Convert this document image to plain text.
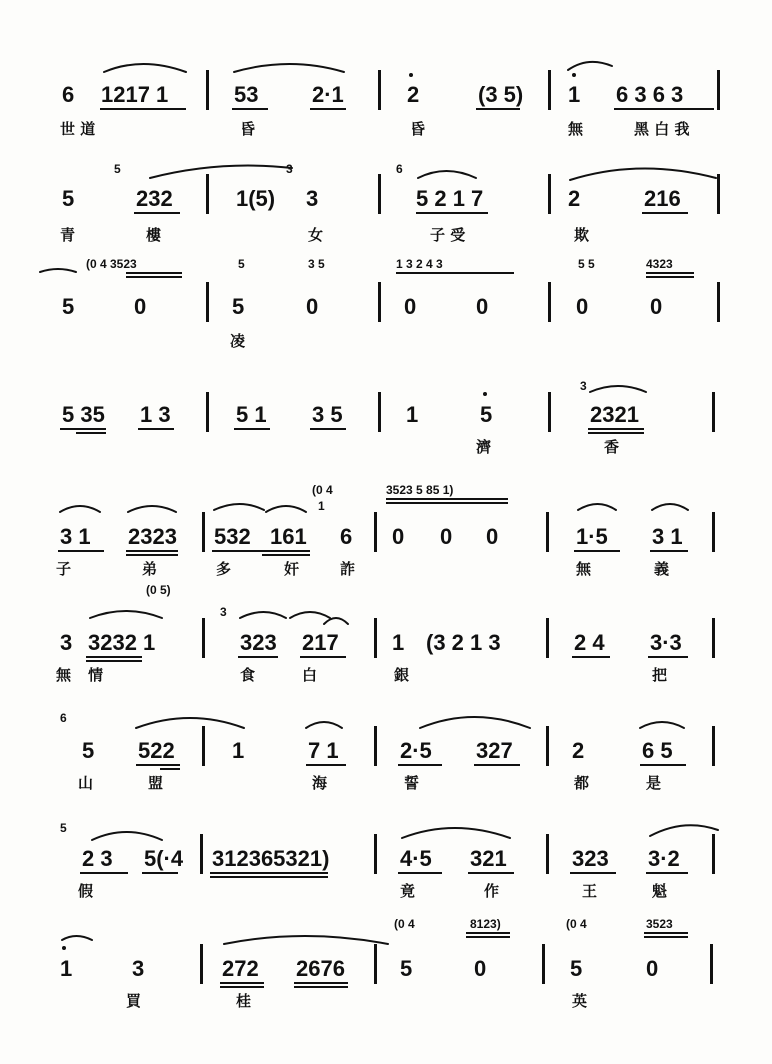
6 1217 1	53 2·1	2	(3 5) 1 6 3 6 3
世 道	昏	昏	無	黑 白 我
5	3	6
5	232	1(5) 3	5 2 1 7	2	216
青	樓	女	子 受	欺
(0 4 3523	5	3 5	1 3 2 4 3	5 5	4323
5	0	5	0	0	0	0	0
凌
3
5 35 1 3	5 1 3 5	1	5	2321
濟	香
(0 4
1
3523 5 85 1)
3 1 2323 532 161 6 0 0 0	1·5 3 1
子	弟	多	奸	詐	無	義
(0 5)
3
3 3232 1	323 217 1 (3 2 1 3	2 4 3·3
無 情	食	白	銀	把
6
5 522	1	7 1	2·5 327	2	6 5
山	盟	海	誓	都	是
5
2 3 5(·4 312365321)	4·5 321	323 3·2
假	竟	作	王	魁
(0 4	8123)	(0 4	3523
1	3	272 2676	5	0	5	0
買	桂	英
